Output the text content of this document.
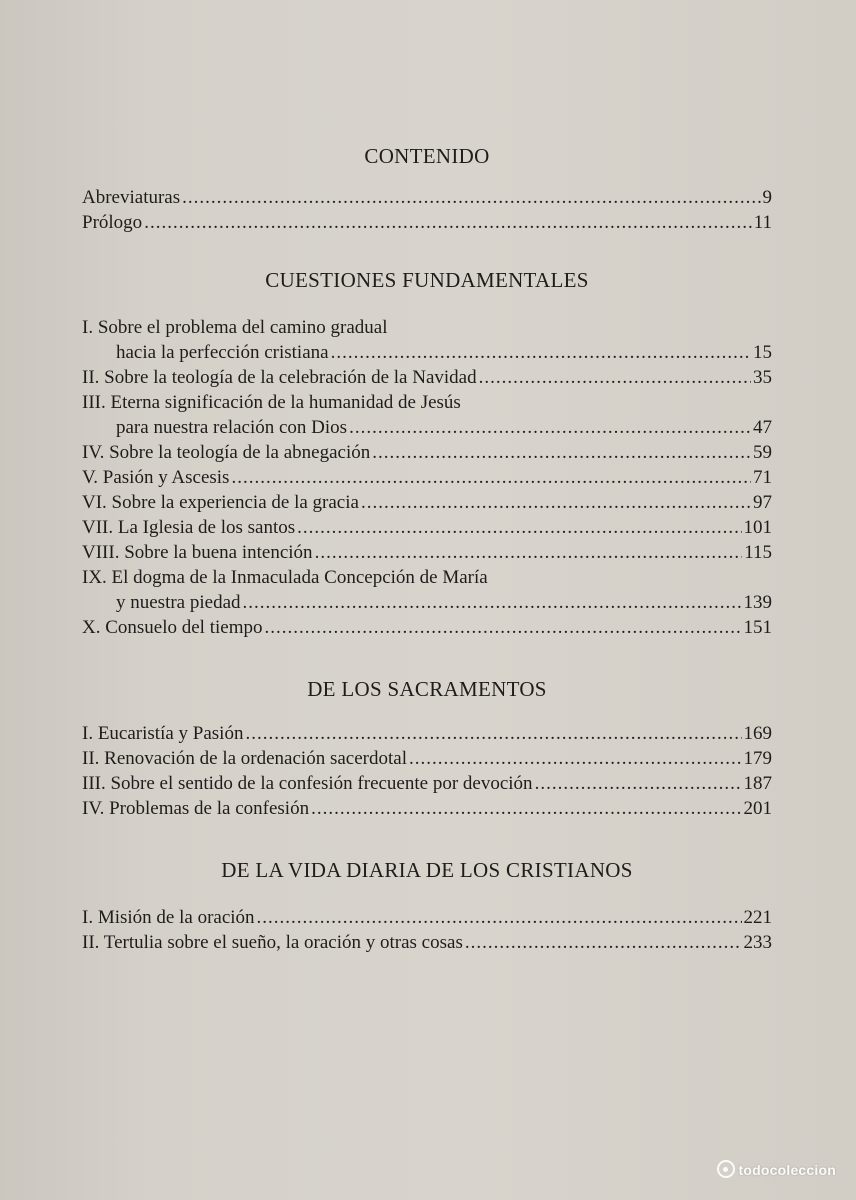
CONTENIDO
Abreviaturas .....	9
Prólogo .....	11
CUESTIONES FUNDAMENTALES
I. Sobre el problema del camino gradual
hacia la perfección cristiana .....	15
II. Sobre la teología de la celebración de la Navidad .....	35
III. Eterna significación de la humanidad de Jesús
para nuestra relación con Dios .....	47
IV. Sobre la teología de la abnegación .....	59
V. Pasión y Ascesis .....	71
VI. Sobre la experiencia de la gracia .....	97
VII. La Iglesia de los santos .....	101
VIII. Sobre la buena intención .....	115
IX. El dogma de la Inmaculada Concepción de María
y nuestra piedad .....	139
X. Consuelo del tiempo .....	151
DE LOS SACRAMENTOS
I. Eucaristía y Pasión .....	169
II. Renovación de la ordenación sacerdotal .....	179
III. Sobre el sentido de la confesión frecuente por devoción .....	187
IV. Problemas de la confesión .....	201
DE LA VIDA DIARIA DE LOS CRISTIANOS
I. Misión de la oración .....	221
II. Tertulia sobre el sueño, la oración y otras cosas .....	233
todocoleccion
